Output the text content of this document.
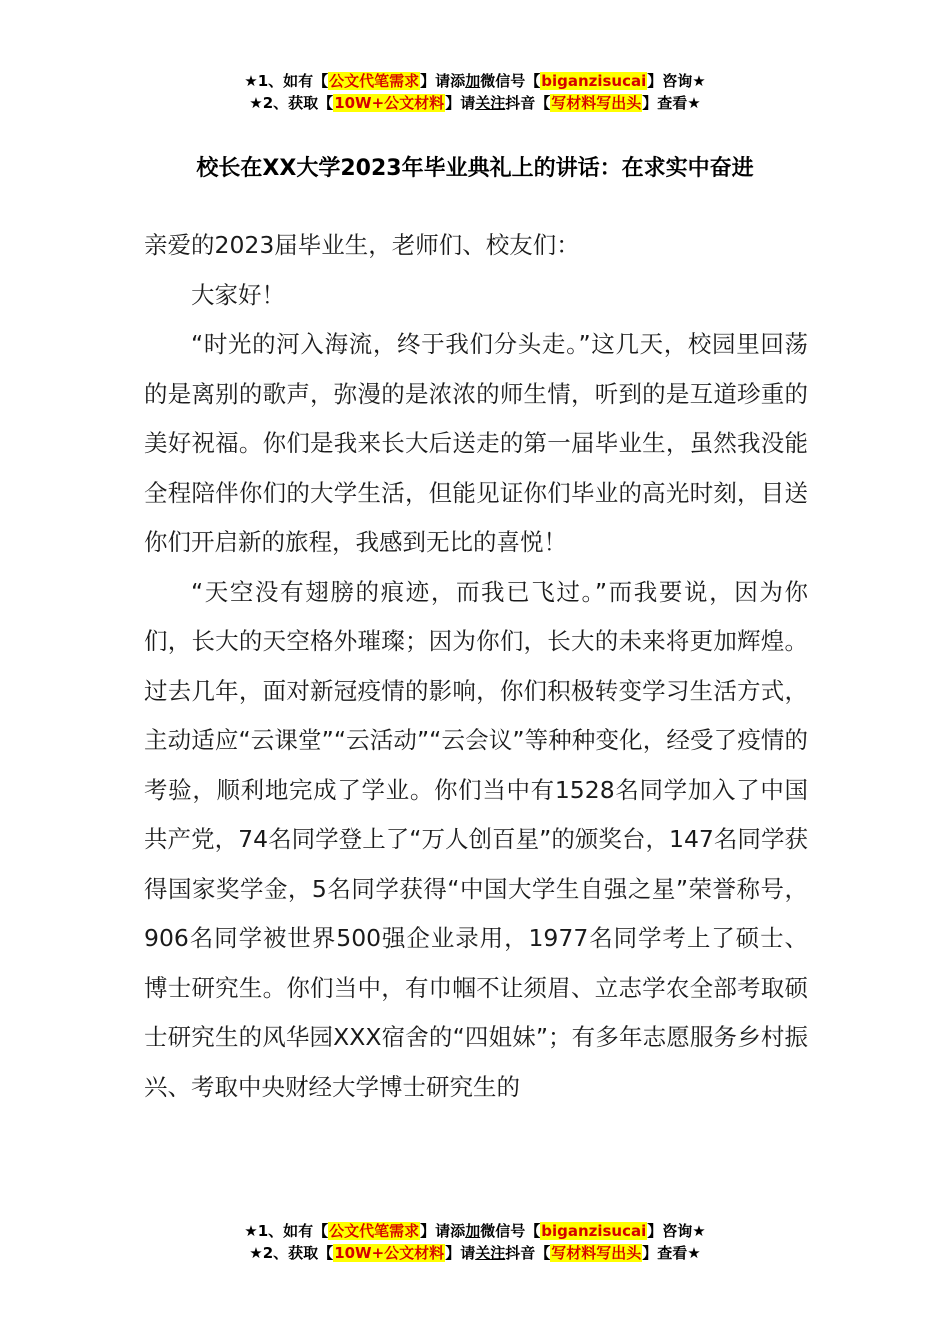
★1、如有【公文代笔需求】请添加微信号【biganzisucai】咨询★
★2、获取【10W+公文材料】请关注抖音【写材料写出头】查看★
校长在XX大学2023年毕业典礼上的讲话：在求实中奋进

亲爱的2023届毕业生，老师们、校友们：

大家好！

“时光的河入海流，终于我们分头走。”这几天，校园里回荡的是离别的歌声，弥漫的是浓浓的师生情，听到的是互道珍重的美好祝福。你们是我来长大后送走的第一届毕业生，虽然我没能全程陪伴你们的大学生活，但能见证你们毕业的高光时刻，目送你们开启新的旅程，我感到无比的喜悦！

“天空没有翅膀的痕迹，而我已飞过。”而我要说，因为你们，长大的天空格外璀璨；因为你们，长大的未来将更加辉煌。过去几年，面对新冠疫情的影响，你们积极转变学习生活方式，主动适应“云课堂”“云活动”“云会议”等种种变化，经受了疫情的考验，顺利地完成了学业。你们当中有1528名同学加入了中国共产党，74名同学登上了“万人创百星”的颁奖台，147名同学获得国家奖学金，5名同学获得“中国大学生自强之星”荣誉称号，906名同学被世界500强企业录用，1977名同学考上了硕士、博士研究生。你们当中，有巾帼不让须眉、立志学农全部考取硕士研究生的风华园XXX宿舍的“四姐妹”；有多年志愿服务乡村振兴、考取中央财经大学博士研究生的

★1、如有【公文代笔需求】请添加微信号【biganzisucai】咨询★
★2、获取【10W+公文材料】请关注抖音【写材料写出头】查看★
